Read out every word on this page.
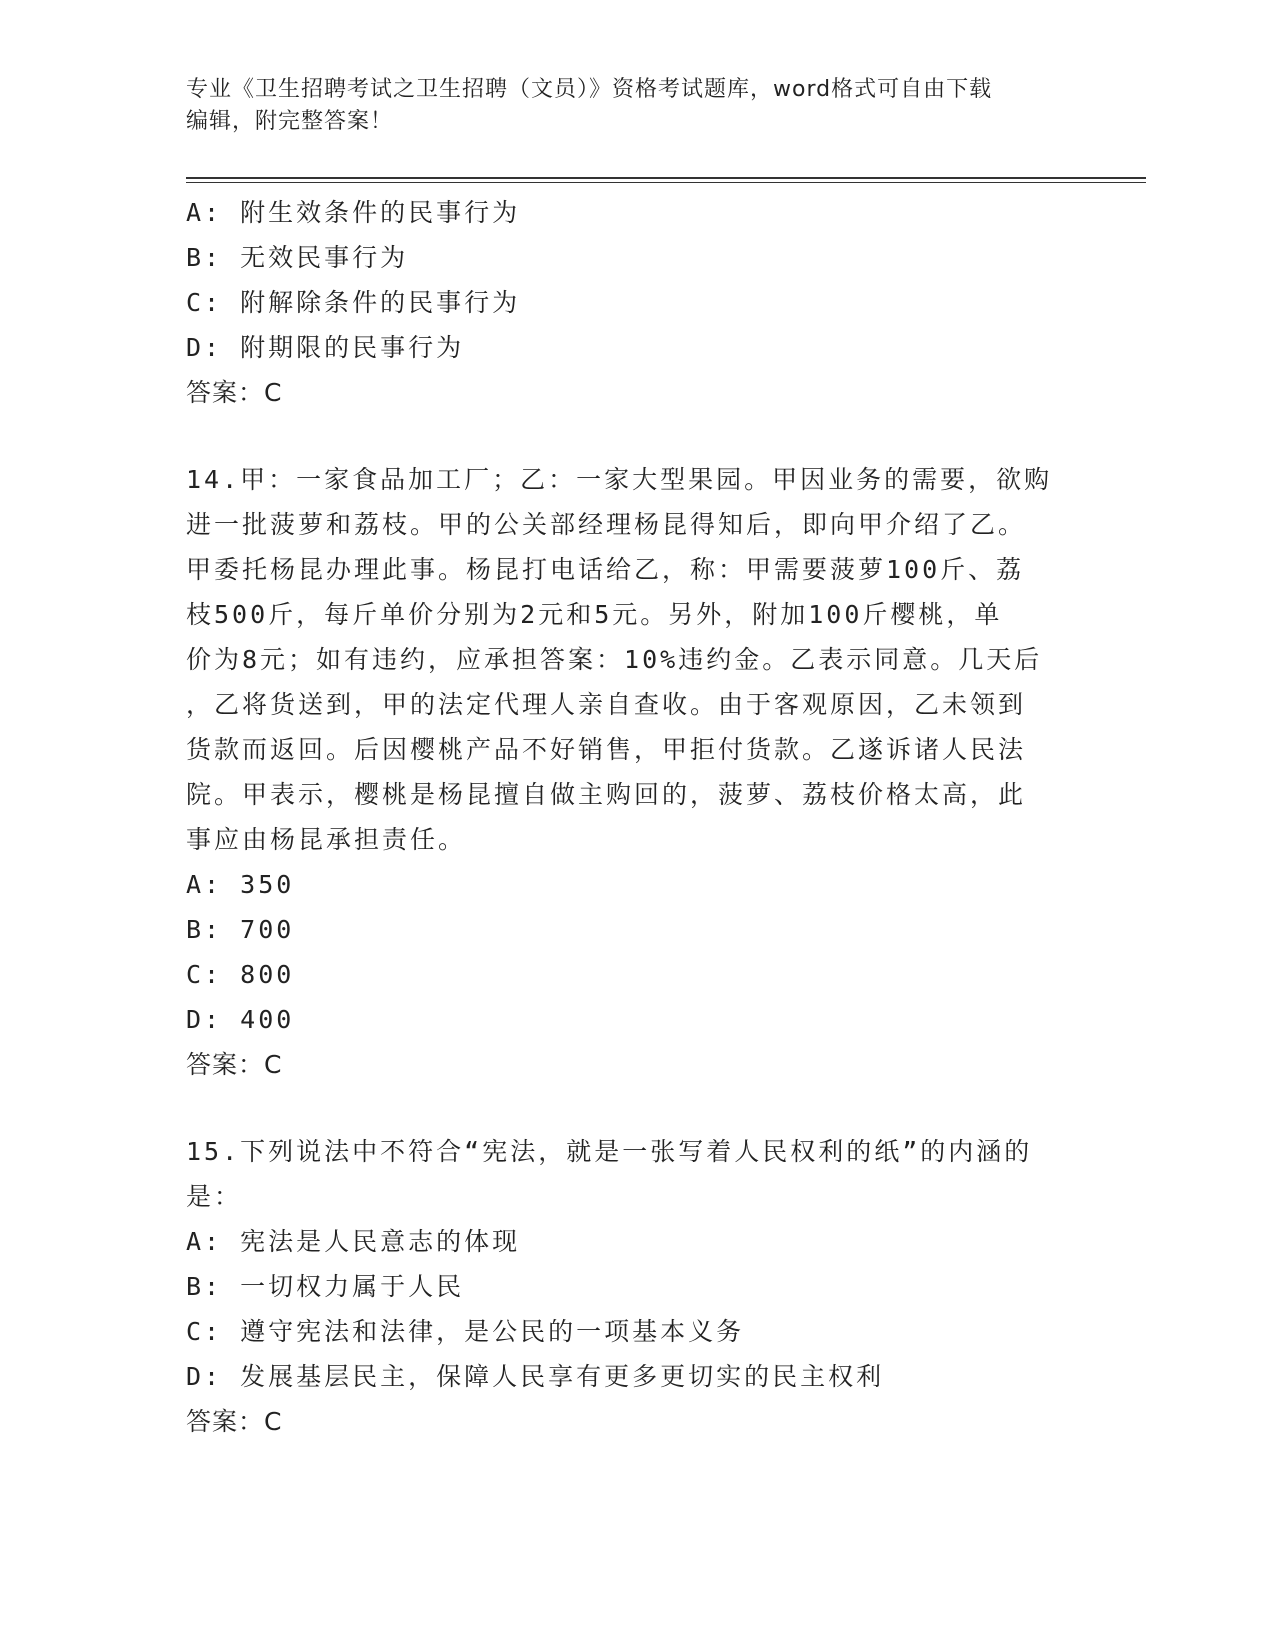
专业《卫生招聘考试之卫生招聘（文员）》资格考试题库，word格式可自由下载
编辑，附完整答案！
A: 附生效条件的民事行为
B: 无效民事行为
C: 附解除条件的民事行为
D: 附期限的民事行为
答案：C
14.甲：一家食品加工厂；乙：一家大型果园。甲因业务的需要，欲购
进一批菠萝和荔枝。甲的公关部经理杨昆得知后，即向甲介绍了乙。
甲委托杨昆办理此事。杨昆打电话给乙，称：甲需要菠萝100斤、荔
枝500斤，每斤单价分别为2元和5元。另外，附加100斤樱桃，单
价为8元；如有违约，应承担答案：10%违约金。乙表示同意。几天后
，乙将货送到，甲的法定代理人亲自查收。由于客观原因，乙未领到
货款而返回。后因樱桃产品不好销售，甲拒付货款。乙遂诉诸人民法
院。甲表示，樱桃是杨昆擅自做主购回的，菠萝、荔枝价格太高，此
事应由杨昆承担责任。
A: 350
B: 700
C: 800
D: 400
答案：C
15.下列说法中不符合“宪法，就是一张写着人民权利的纸”的内涵的
是：
A: 宪法是人民意志的体现
B: 一切权力属于人民
C: 遵守宪法和法律，是公民的一项基本义务
D: 发展基层民主，保障人民享有更多更切实的民主权利
答案：C
